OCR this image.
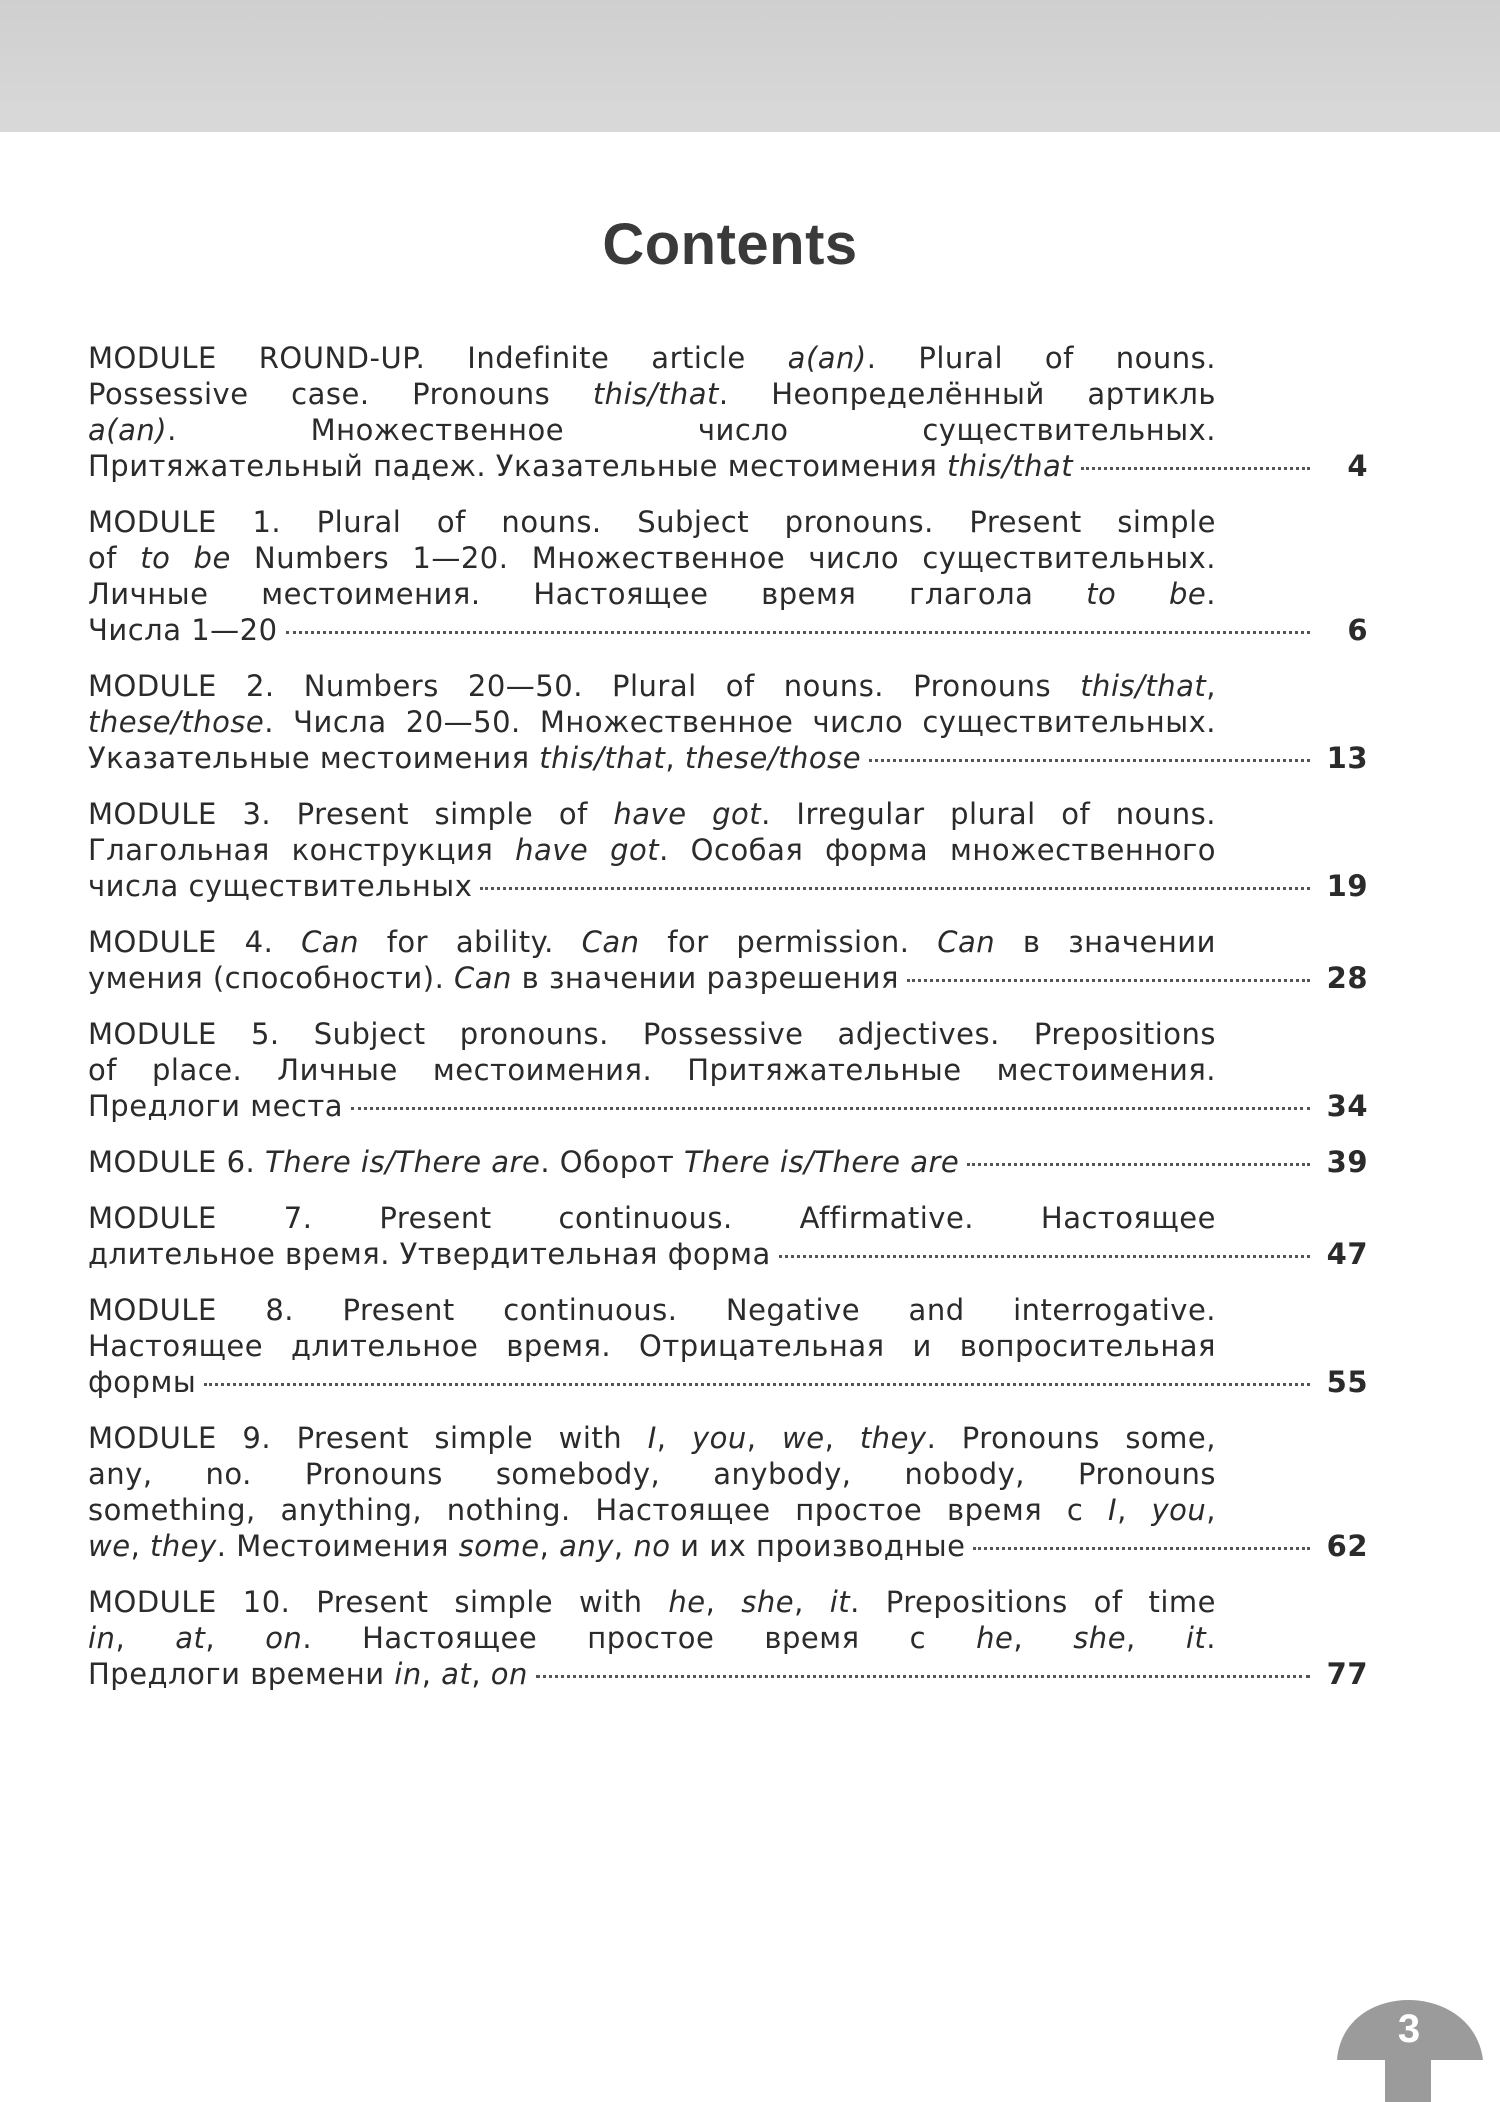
Contents
MODULE ROUND-UP. Indefinite article a(an). Plural of nouns.
Possessive case. Pronouns this/that. Неопределённый артикль
a(an). Множественное число существительных.
Притяжательный падеж. Указательные местоимения this/that	4
MODULE 1. Plural of nouns. Subject pronouns. Present simple
of to be Numbers 1—20. Множественное число существительных.
Личные местоимения. Настоящее время глагола to be.
Числа 1—20	6
MODULE 2. Numbers 20—50. Plural of nouns. Pronouns this/that,
these/those. Числа 20—50. Множественное число существительных.
Указательные местоимения this/that, these/those	13
MODULE 3. Present simple of have got. Irregular plural of nouns.
Глагольная конструкция have got. Особая форма множественного
числа существительных	19
MODULE 4. Can for ability. Can for permission. Can в значении
умения (способности). Can в значении разрешения	28
MODULE 5. Subject pronouns. Possessive adjectives. Prepositions
of place. Личные местоимения. Притяжательные местоимения.
Предлоги места	34
MODULE 6. There is/There are. Оборот There is/There are	39
MODULE 7. Present continuous. Affirmative. Настоящее
длительное время. Утвердительная форма	47
MODULE 8. Present continuous. Negative and interrogative.
Настоящее длительное время. Отрицательная и вопросительная
формы	55
MODULE 9. Present simple with I, you, we, they. Pronouns some,
any, no. Pronouns somebody, anybody, nobody, Pronouns
something, anything, nothing. Настоящее простое время с I, you,
we, they. Местоимения some, any, no и их производные	62
MODULE 10. Present simple with he, she, it. Prepositions of time
in, at, on. Настоящее простое время с he, she, it.
Предлоги времени in, at, on	77
3
